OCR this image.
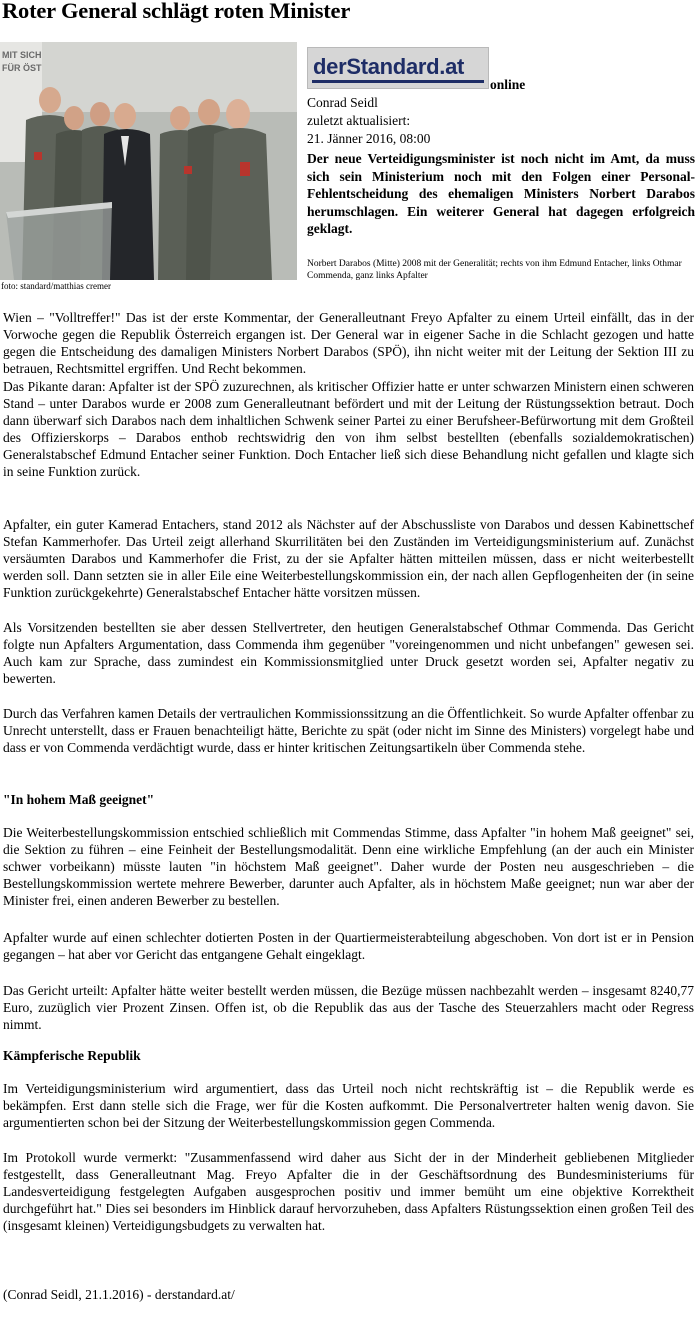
Roter General schlägt roten Minister
MIT SICH
FÜR ÖST
foto: standard/matthias cremer
derStandard.at
online
Conrad Seidl
zuletzt aktualisiert:
21. Jänner 2016, 08:00

Der neue Verteidigungsminister ist noch nicht im Amt, da muss sich sein Ministerium noch mit den Folgen einer Personal-Fehlentscheidung des ehemaligen Ministers Norbert Darabos herumschlagen. Ein weiterer General hat dagegen erfolgreich geklagt.

Norbert Darabos (Mitte) 2008 mit der Generalität; rechts von ihm Edmund Entacher, links Othmar Commenda, ganz links Apfalter

Wien – "Volltreffer!" Das ist der erste Kommentar, der Generalleutnant Freyo Apfalter zu einem Urteil einfällt, das in der Vorwoche gegen die Republik Österreich ergangen ist. Der General war in eigener Sache in die Schlacht gezogen und hatte gegen die Entscheidung des damaligen Ministers Norbert Darabos (SPÖ), ihn nicht weiter mit der Leitung der Sektion III zu betrauen, Rechtsmittel ergriffen. Und Recht bekommen.

Das Pikante daran: Apfalter ist der SPÖ zuzurechnen, als kritischer Offizier hatte er unter schwarzen Ministern einen schweren Stand – unter Darabos wurde er 2008 zum Generalleutnant befördert und mit der Leitung der Rüstungssektion betraut. Doch dann überwarf sich Darabos nach dem inhaltlichen Schwenk seiner Partei zu einer Berufsheer-Befürwortung mit dem Großteil des Offizierskorps – Darabos enthob rechtswidrig den von ihm selbst bestellten (ebenfalls sozialdemokratischen) Generalstabschef Edmund Entacher seiner Funktion. Doch Entacher ließ sich diese Behandlung nicht gefallen und klagte sich in seine Funktion zurück.

Apfalter, ein guter Kamerad Entachers, stand 2012 als Nächster auf der Abschussliste von Darabos und dessen Kabinettschef Stefan Kammerhofer. Das Urteil zeigt allerhand Skurrilitäten bei den Zuständen im Verteidigungsministerium auf. Zunächst versäumten Darabos und Kammerhofer die Frist, zu der sie Apfalter hätten mitteilen müssen, dass er nicht weiterbestellt werden soll. Dann setzten sie in aller Eile eine Weiterbestellungskommission ein, der nach allen Gepflogenheiten der (in seine Funktion zurückgekehrte) Generalstabschef Entacher hätte vorsitzen müssen.

Als Vorsitzenden bestellten sie aber dessen Stellvertreter, den heutigen Generalstabschef Othmar Commenda. Das Gericht folgte nun Apfalters Argumentation, dass Commenda ihm gegenüber "voreingenommen und nicht unbefangen" gewesen sei. Auch kam zur Sprache, dass zumindest ein Kommissionsmitglied unter Druck gesetzt worden sei, Apfalter negativ zu bewerten.

Durch das Verfahren kamen Details der vertraulichen Kommissionssitzung an die Öffentlichkeit. So wurde Apfalter offenbar zu Unrecht unterstellt, dass er Frauen benachteiligt hätte, Berichte zu spät (oder nicht im Sinne des Ministers) vorgelegt habe und dass er von Commenda verdächtigt wurde, dass er hinter kritischen Zeitungsartikeln über Commenda stehe.

"In hohem Maß geeignet"

Die Weiterbestellungskommission entschied schließlich mit Commendas Stimme, dass Apfalter "in hohem Maß geeignet" sei, die Sektion zu führen – eine Feinheit der Bestellungsmodalität. Denn eine wirkliche Empfehlung (an der auch ein Minister schwer vorbeikann) müsste lauten "in höchstem Maß geeignet". Daher wurde der Posten neu ausgeschrieben – die Bestellungskommission wertete mehrere Bewerber, darunter auch Apfalter, als in höchstem Maße geeignet; nun war aber der Minister frei, einen anderen Bewerber zu bestellen.

Apfalter wurde auf einen schlechter dotierten Posten in der Quartiermeisterabteilung abgeschoben. Von dort ist er in Pension gegangen – hat aber vor Gericht das entgangene Gehalt eingeklagt.

Das Gericht urteilt: Apfalter hätte weiter bestellt werden müssen, die Bezüge müssen nachbezahlt werden – insgesamt 8240,77 Euro, zuzüglich vier Prozent Zinsen. Offen ist, ob die Republik das aus der Tasche des Steuerzahlers macht oder Regress nimmt.

Kämpferische Republik

Im Verteidigungsministerium wird argumentiert, dass das Urteil noch nicht rechtskräftig ist – die Republik werde es bekämpfen. Erst dann stelle sich die Frage, wer für die Kosten aufkommt. Die Personalvertreter halten wenig davon. Sie argumentierten schon bei der Sitzung der Weiterbestellungskommission gegen Commenda.

Im Protokoll wurde vermerkt: "Zusammenfassend wird daher aus Sicht der in der Minderheit gebliebenen Mitglieder festgestellt, dass Generalleutnant Mag. Freyo Apfalter die in der Geschäftsordnung des Bundesministeriums für Landesverteidigung festgelegten Aufgaben ausgesprochen positiv und immer bemüht um eine objektive Korrektheit durchgeführt hat." Dies sei besonders im Hinblick darauf hervorzuheben, dass Apfalters Rüstungssektion einen großen Teil des (insgesamt kleinen) Verteidigungsbudgets zu verwalten hat.

(Conrad Seidl, 21.1.2016) - derstandard.at/
